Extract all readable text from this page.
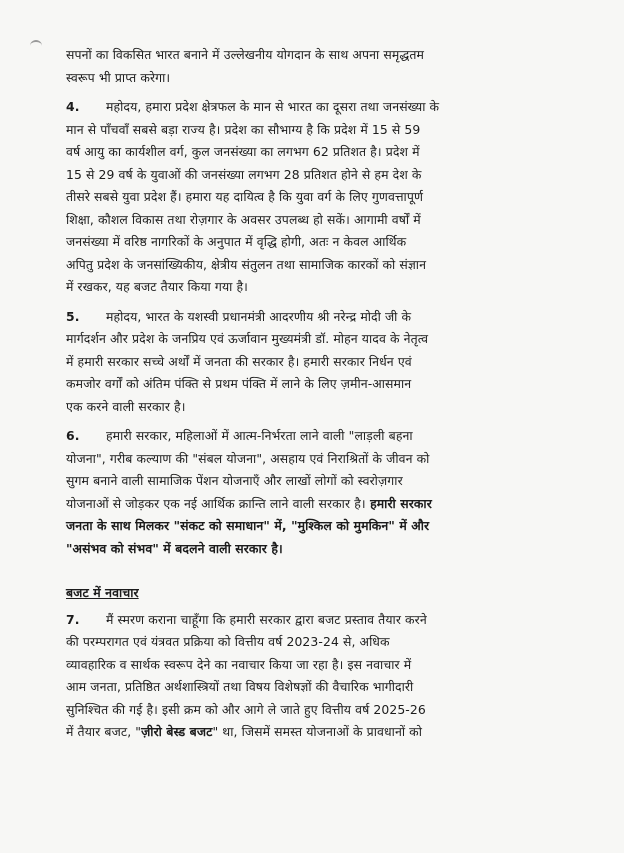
सपनों का विकसित भारत बनाने में उल्लेखनीय योगदान के साथ अपना समृद्धतम
स्वरूप भी प्राप्त करेगा।
4. महोदय, हमारा प्रदेश क्षेत्रफल के मान से भारत का दूसरा तथा जनसंख्या के
मान से पाँचवाँ सबसे बड़ा राज्य है। प्रदेश का सौभाग्य है कि प्रदेश में 15 से 59
वर्ष आयु का कार्यशील वर्ग, कुल जनसंख्या का लगभग 62 प्रतिशत है। प्रदेश में
15 से 29 वर्ष के युवाओं की जनसंख्या लगभग 28 प्रतिशत होने से हम देश के
तीसरे सबसे युवा प्रदेश हैं। हमारा यह दायित्व है कि युवा वर्ग के लिए गुणवत्तापूर्ण
शिक्षा, कौशल विकास तथा रोज़गार के अवसर उपलब्ध हो सकें। आगामी वर्षों में
जनसंख्या में वरिष्ठ नागरिकों के अनुपात में वृद्धि होगी, अतः न केवल आर्थिक
अपितु प्रदेश के जनसांख्यिकीय, क्षेत्रीय संतुलन तथा सामाजिक कारकों को संज्ञान
में रखकर, यह बजट तैयार किया गया है।
5. महोदय, भारत के यशस्वी प्रधानमंत्री आदरणीय श्री नरेन्द्र मोदी जी के
मार्गदर्शन और प्रदेश के जनप्रिय एवं ऊर्जावान मुख्यमंत्री डॉ. मोहन यादव के नेतृत्व
में हमारी सरकार सच्चे अर्थों में जनता की सरकार है। हमारी सरकार निर्धन एवं
कमजोर वर्गों को अंतिम पंक्ति से प्रथम पंक्ति में लाने के लिए ज़मीन-आसमान
एक करने वाली सरकार है।
6. हमारी सरकार, महिलाओं में आत्म-निर्भरता लाने वाली "लाड़ली बहना
योजना", गरीब कल्याण की "संबल योजना", असहाय एवं निराश्रितों के जीवन को
सुगम बनाने वाली सामाजिक पेंशन योजनाएँ और लाखों लोगों को स्वरोज़गार
योजनाओं से जोड़कर एक नई आर्थिक क्रान्ति लाने वाली सरकार है। हमारी सरकार
जनता के साथ मिलकर "संकट को समाधान" में, "मुश्किल को मुमकिन" में और
"असंभव को संभव" में बदलने वाली सरकार है।
बजट में नवाचार
7. मैं स्मरण कराना चाहूँगा कि हमारी सरकार द्वारा बजट प्रस्ताव तैयार करने
की परम्परागत एवं यंत्रवत प्रक्रिया को वित्तीय वर्ष 2023-24 से, अधिक
व्यावहारिक व सार्थक स्वरूप देने का नवाचार किया जा रहा है। इस नवाचार में
आम जनता, प्रतिष्ठित अर्थशास्त्रियों तथा विषय विशेषज्ञों की वैचारिक भागीदारी
सुनिश्चित की गई है। इसी क्रम को और आगे ले जाते हुए वित्तीय वर्ष 2025-26
में तैयार बजट, "ज़ीरो बेस्ड बजट" था, जिसमें समस्त योजनाओं के प्रावधानों को
